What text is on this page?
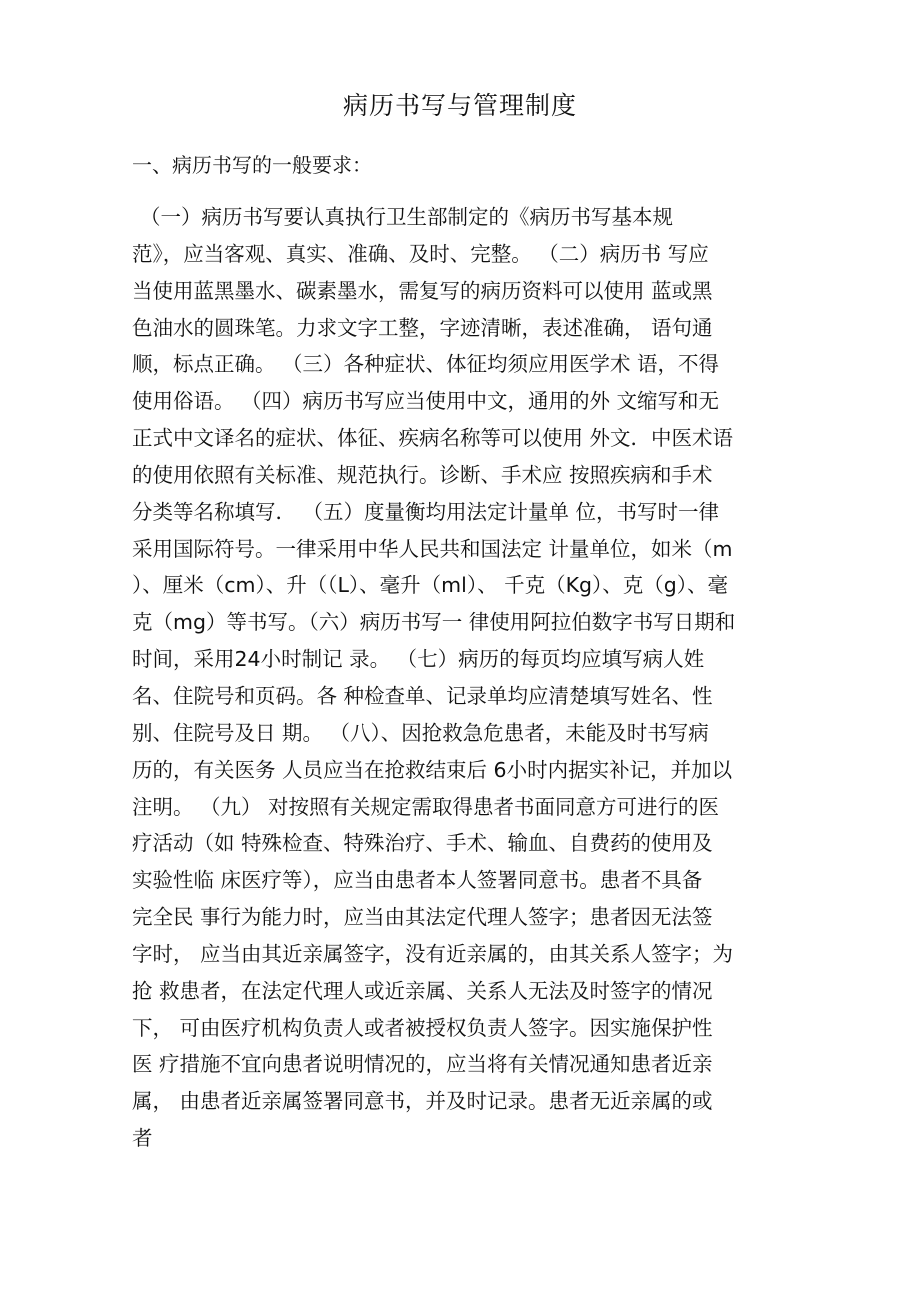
病历书写与管理制度
一、病历书写的一般要求：
（一）病历书写要认真执行卫生部制定的《病历书写基本规
范》，应当客观、真实、准确、及时、完整。 （二）病历书 写应
当使用蓝黑墨水、碳素墨水，需复写的病历资料可以使用 蓝或黑
色油水的圆珠笔。力求文字工整，字迹清晰，表述准确， 语句通
顺，标点正确。 （三）各种症状、体征均须应用医学术 语，不得
使用俗语。 （四）病历书写应当使用中文，通用的外 文缩写和无
正式中文译名的症状、体征、疾病名称等可以使用 外文．中医术语
的使用依照有关标准、规范执行。诊断、手术应 按照疾病和手术
分类等名称填写． （五）度量衡均用法定计量单 位，书写时一律
采用国际符号。一律采用中华人民共和国法定 计量单位，如米（m
）、厘米（cm）、升（（L）、毫升（ml）、 千克（Kg）、克（g）、毫
克（mg）等书写。（六）病历书写一 律使用阿拉伯数字书写日期和
时间，采用24小时制记 录。 （七）病历的每页均应填写病人姓
名、住院号和页码。各 种检查单、记录单均应清楚填写姓名、性
别、住院号及日 期。 （八）、因抢救急危患者，未能及时书写病
历的，有关医务 人员应当在抢救结束后 6小时内据实补记，并加以
注明。 （九） 对按照有关规定需取得患者书面同意方可进行的医
疗活动（如 特殊检查、特殊治疗、手术、输血、自费药的使用及
实验性临 床医疗等），应当由患者本人签署同意书。患者不具备
完全民 事行为能力时，应当由其法定代理人签字；患者因无法签
字时， 应当由其近亲属签字，没有近亲属的，由其关系人签字；为
抢 救患者，在法定代理人或近亲属、关系人无法及时签字的情况
下， 可由医疗机构负责人或者被授权负责人签字。因实施保护性
医 疗措施不宜向患者说明情况的，应当将有关情况通知患者近亲
属， 由患者近亲属签署同意书，并及时记录。患者无近亲属的或
者
